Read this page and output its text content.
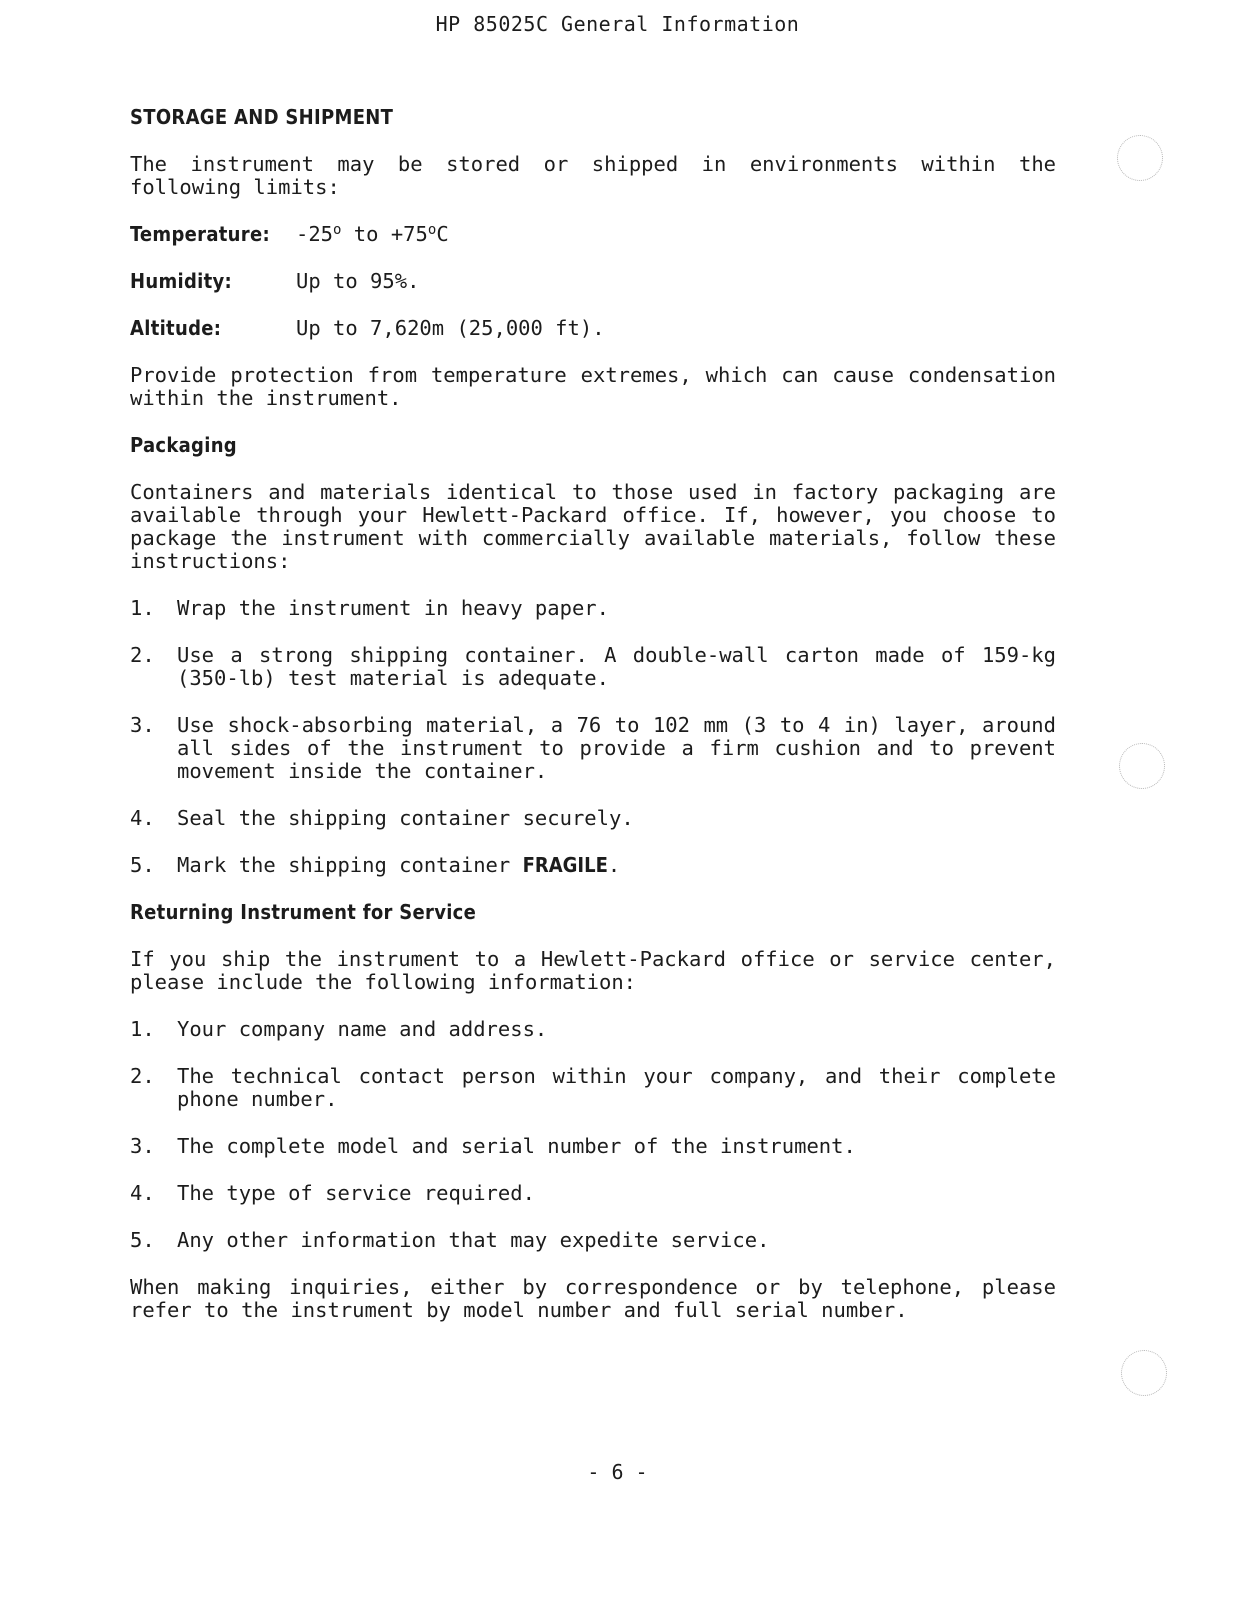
HP 85025C General Information
STORAGE AND SHIPMENT

The instrument may be stored or shipped in environments within the following limits:

Temperature:	-25$^o$ to $+75^oC$
Humidity:	Up to 95%.
Altitude:	Up to 7,620m (25,000 ft).

Provide protection from temperature extremes, which can cause condensation within the instrument.

Packaging

Containers and materials identical to those used in factory packaging are available through your Hewlett-Packard office. If, however, you choose to package the instrument with commercially available materials, follow these instructions:

1.	Wrap the instrument in heavy paper.
2.	Use a strong shipping container. A double-wall carton made of 159-kg (350-lb) test material is adequate.
3.	Use shock-absorbing material, a 76 to 102 mm (3 to 4 in) layer, around all sides of the instrument to provide a firm cushion and to prevent movement inside the container.
4.	Seal the shipping container securely.
5.	Mark the shipping container FRAGILE.
Returning Instrument for Service

If you ship the instrument to a Hewlett-Packard office or service center, please include the following information:

1.	Your company name and address.
2.	The technical contact person within your company, and their complete phone number.
3.	The complete model and serial number of the instrument.
4.	The type of service required.
5.	Any other information that may expedite service.

When making inquiries, either by correspondence or by telephone, please refer to the instrument by model number and full serial number.

- 6 -
